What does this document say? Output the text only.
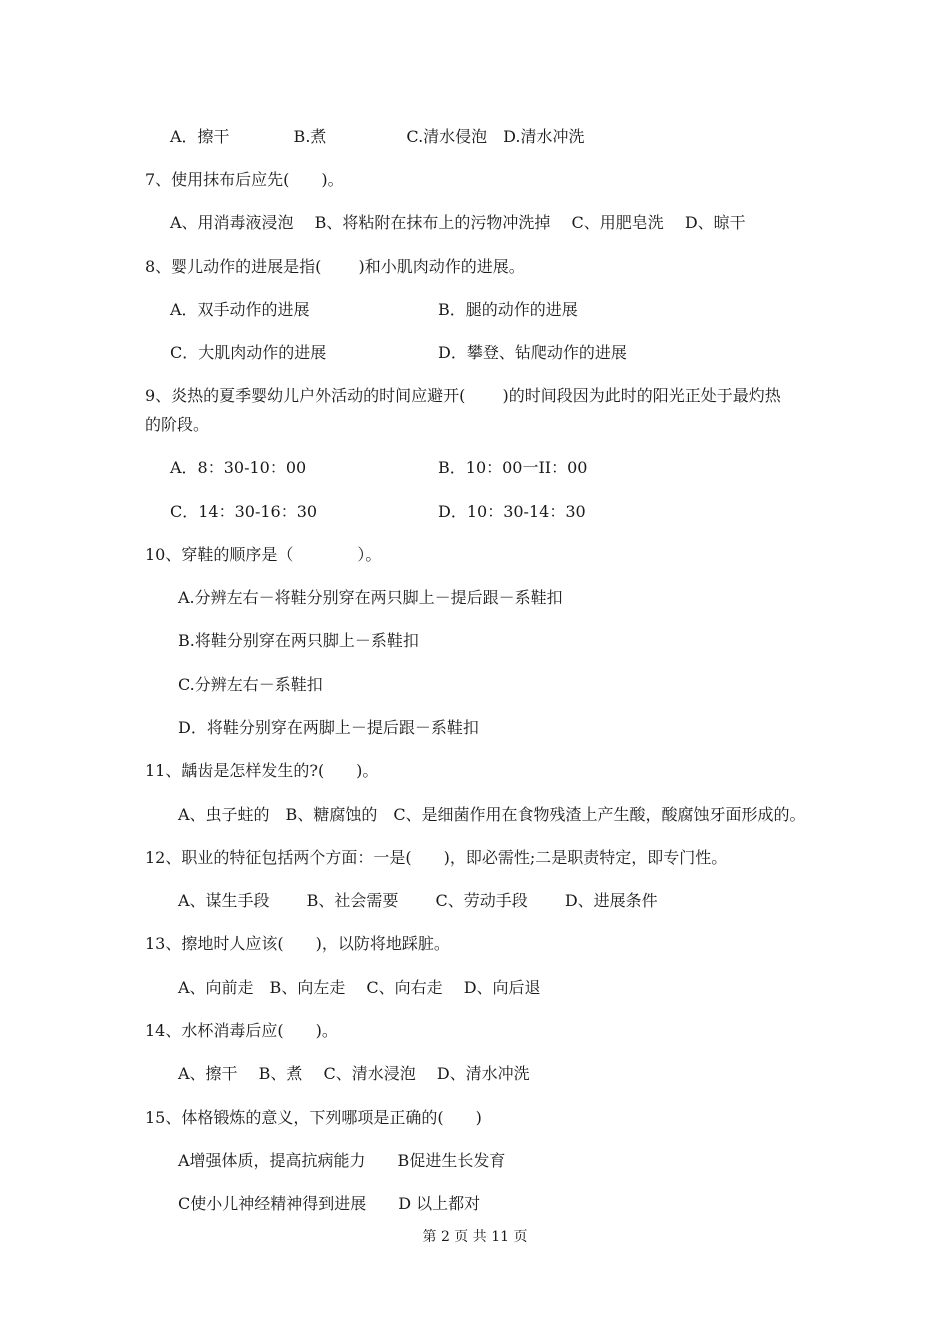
A．擦干　　　　B.煮　　　　　C.清水侵泡　D.清水冲洗
7、使用抹布后应先(　　)。
A、用消毒液浸泡　 B、将粘附在抹布上的污物冲洗掉　 C、用肥皂洗　 D、晾干
8、婴儿动作的进展是指(　　 )和小肌肉动作的进展。
A．双手动作的进展	B．腿的动作的进展
C．大肌肉动作的进展	D．攀登、钻爬动作的进展
9、炎热的夏季婴幼儿户外活动的时间应避开(　　 )的时间段因为此时的阳光正处于最灼热
的阶段。
A．8：30-10：00	B．10：00一II：00
C．14：30-16：30	D．10：30-14：30
10、穿鞋的顺序是（　　　　）。
A.分辨左右－将鞋分别穿在两只脚上－提后跟－系鞋扣
B.将鞋分别穿在两只脚上－系鞋扣
C.分辨左右－系鞋扣
D．将鞋分别穿在两脚上－提后跟－系鞋扣
11、龋齿是怎样发生的?(　　)。
A、虫子蛀的　B、糖腐蚀的　C、是细菌作用在食物残渣上产生酸，酸腐蚀牙面形成的。
12、职业的特征包括两个方面：一是(　　)，即必需性;二是职责特定，即专门性。
A、谋生手段　　 B、社会需要　　 C、劳动手段　　 D、进展条件
13、擦地时人应该(　　)，以防将地踩脏。
A、向前走　B、向左走　 C、向右走　 D、向后退
14、水杯消毒后应(　　)。
A、擦干　 B、煮　 C、清水浸泡　 D、清水冲洗
15、体格锻炼的意义，下列哪项是正确的(　　)
A增强体质，提高抗病能力　　B促进生长发育
C使小儿神经精神得到进展　　D 以上都对
第 2 页 共 11 页
